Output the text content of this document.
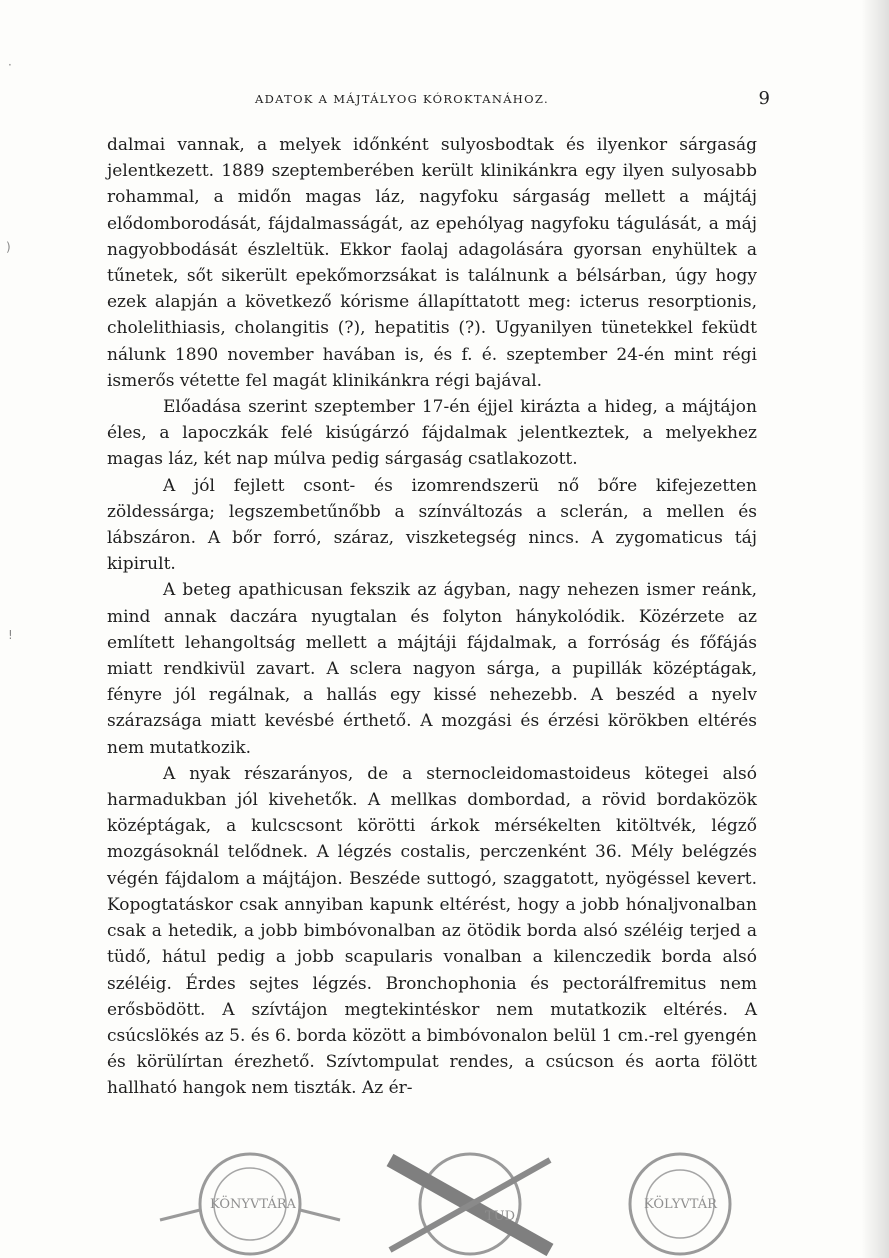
·
)
!
ADATOK A MÁJTÁLYOG KÓROKTANÁHOZ.	9

dalmai vannak, a melyek időnként sulyosbodtak és ilyenkor sárgaság jelentkezett. 1889 szeptemberében került klinikánkra egy ilyen sulyosabb rohammal, a midőn magas láz, nagyfoku sárgaság mellett a májtáj elődomborodását, fájdalmasságát, az epehólyag nagyfoku tágulását, a máj nagyobbodását észleltük. Ekkor faolaj adagolására gyorsan enyhültek a tűnetek, sőt sikerült epekőmorzsákat is találnunk a bélsárban, úgy hogy ezek alapján a következő kórisme állapíttatott meg: icterus resorptionis, cholelithiasis, cholangitis (?), hepatitis (?). Ugyanilyen tünetekkel feküdt nálunk 1890 november havában is, és f. é. szeptember 24-én mint régi ismerős vétette fel magát klinikánkra régi bajával.

Előadása szerint szeptember 17-én éjjel kirázta a hideg, a májtájon éles, a lapoczkák felé kisúgárzó fájdalmak jelentkeztek, a melyekhez magas láz, két nap múlva pedig sárgaság csatlakozott.

A jól fejlett csont- és izomrendszerü nő bőre kifejezetten zöldessárga; legszembetűnőbb a színváltozás a sclerán, a mellen és lábszáron. A bőr forró, száraz, viszketegség nincs. A zygomaticus táj kipirult.

A beteg apathicusan fekszik az ágyban, nagy nehezen ismer reánk, mind annak daczára nyugtalan és folyton hánykolódik. Közérzete az említett lehangoltság mellett a májtáji fájdalmak, a forróság és főfájás miatt rendkivül zavart. A sclera nagyon sárga, a pupillák középtágak, fényre jól regálnak, a hallás egy kissé nehezebb. A beszéd a nyelv szárazsága miatt kevésbé érthető. A mozgási és érzési körökben eltérés nem mutatkozik.

A nyak részarányos, de a sternocleidomastoideus kötegei alsó harmadukban jól kivehetők. A mellkas dombordad, a rövid bordaközök középtágak, a kulcscsont körötti árkok mérsékelten kitöltvék, légző mozgásoknál telődnek. A légzés costalis, perczenként 36. Mély belégzés végén fájdalom a májtájon. Beszéde suttogó, szaggatott, nyögéssel kevert. Kopogtatáskor csak annyiban kapunk eltérést, hogy a jobb hónaljvonalban csak a hetedik, a jobb bimbóvonalban az ötödik borda alsó széléig terjed a tüdő, hátul pedig a jobb scapularis vonalban a kilenczedik borda alsó széléig. Érdes sejtes légzés. Bronchophonia és pectorálfremitus nem erősbödött. A szívtájon megtekintéskor nem mutatkozik eltérés. A csúcslökés az 5. és 6. borda között a bimbóvonalon belül 1 cm.-rel gyengén és körülírtan érezhető. Szívtompulat rendes, a csúcson és aorta fölött hallható hangok nem tiszták. Az ér-

KÖNYVTÁRA
TUD.
KÖLYVTÁR
